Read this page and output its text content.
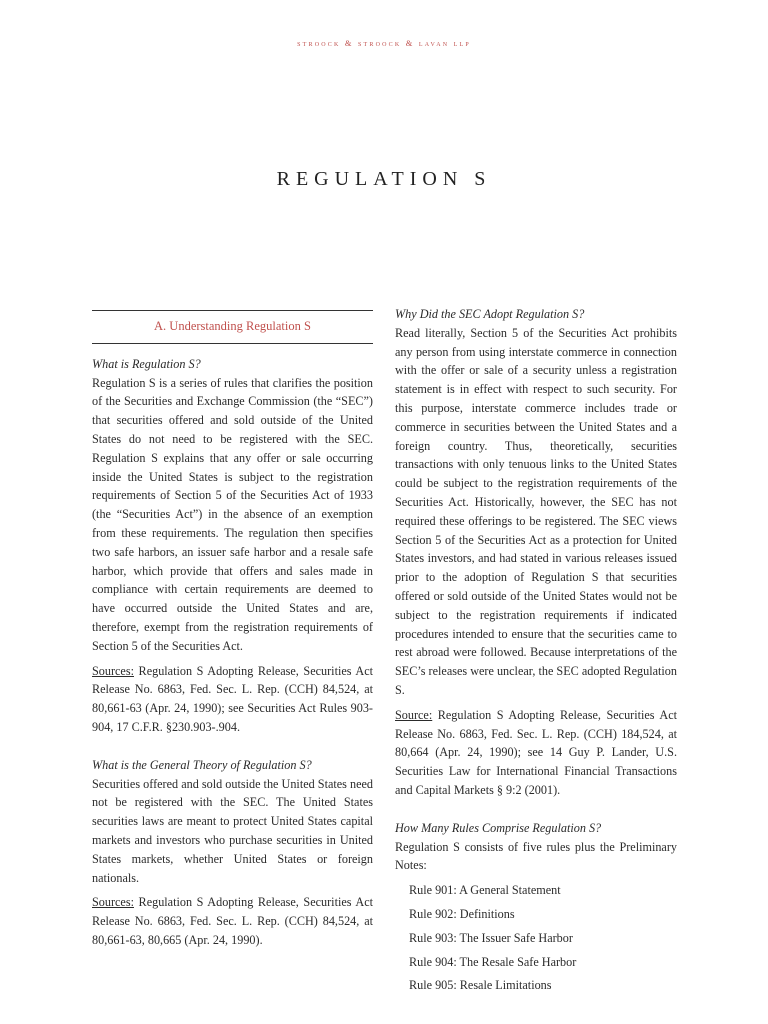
stroock & stroock & lavan llp
REGULATION S
A. Understanding Regulation S

What is Regulation S?

Regulation S is a series of rules that clarifies the position of the Securities and Exchange Commission (the “SEC”) that securities offered and sold outside of the United States do not need to be registered with the SEC. Regulation S explains that any offer or sale occurring inside the United States is subject to the registration requirements of Section 5 of the Securities Act of 1933 (the “Securities Act”) in the absence of an exemption from these requirements. The regulation then specifies two safe harbors, an issuer safe harbor and a resale safe harbor, which provide that offers and sales made in compliance with certain requirements are deemed to have occurred outside the United States and are, therefore, exempt from the registration requirements of Section 5 of the Securities Act.

Sources: Regulation S Adopting Release, Securities Act Release No. 6863, Fed. Sec. L. Rep. (CCH) 84,524, at 80,661-63 (Apr. 24, 1990); see Securities Act Rules 903- 904, 17 C.F.R. §230.903-.904.

What is the General Theory of Regulation S?

Securities offered and sold outside the United States need not be registered with the SEC. The United States securities laws are meant to protect United States capital markets and investors who purchase securities in United States markets, whether United States or foreign nationals.

Sources: Regulation S Adopting Release, Securities Act Release No. 6863, Fed. Sec. L. Rep. (CCH) 84,524, at 80,661-63, 80,665 (Apr. 24, 1990).

Why Did the SEC Adopt Regulation S?

Read literally, Section 5 of the Securities Act prohibits any person from using interstate commerce in connection with the offer or sale of a security unless a registration statement is in effect with respect to such security. For this purpose, interstate commerce includes trade or commerce in securities between the United States and a foreign country. Thus, theoretically, securities transactions with only tenuous links to the United States could be subject to the registration requirements of the Securities Act. Historically, however, the SEC has not required these offerings to be registered. The SEC views Section 5 of the Securities Act as a protection for United States investors, and had stated in various releases issued prior to the adoption of Regulation S that securities offered or sold outside of the United States would not be subject to the registration requirements if indicated procedures intended to ensure that the securities came to rest abroad were followed. Because interpretations of the SEC’s releases were unclear, the SEC adopted Regulation S.

Source: Regulation S Adopting Release, Securities Act Release No. 6863, Fed. Sec. L. Rep. (CCH) 184,524, at 80,664 (Apr. 24, 1990); see 14 Guy P. Lander, U.S. Securities Law for International Financial Transactions and Capital Markets § 9:2 (2001).

How Many Rules Comprise Regulation S?

Regulation S consists of five rules plus the Preliminary Notes:

Rule 901: A General Statement

Rule 902: Definitions

Rule 903: The Issuer Safe Harbor

Rule 904: The Resale Safe Harbor

Rule 905: Resale Limitations
